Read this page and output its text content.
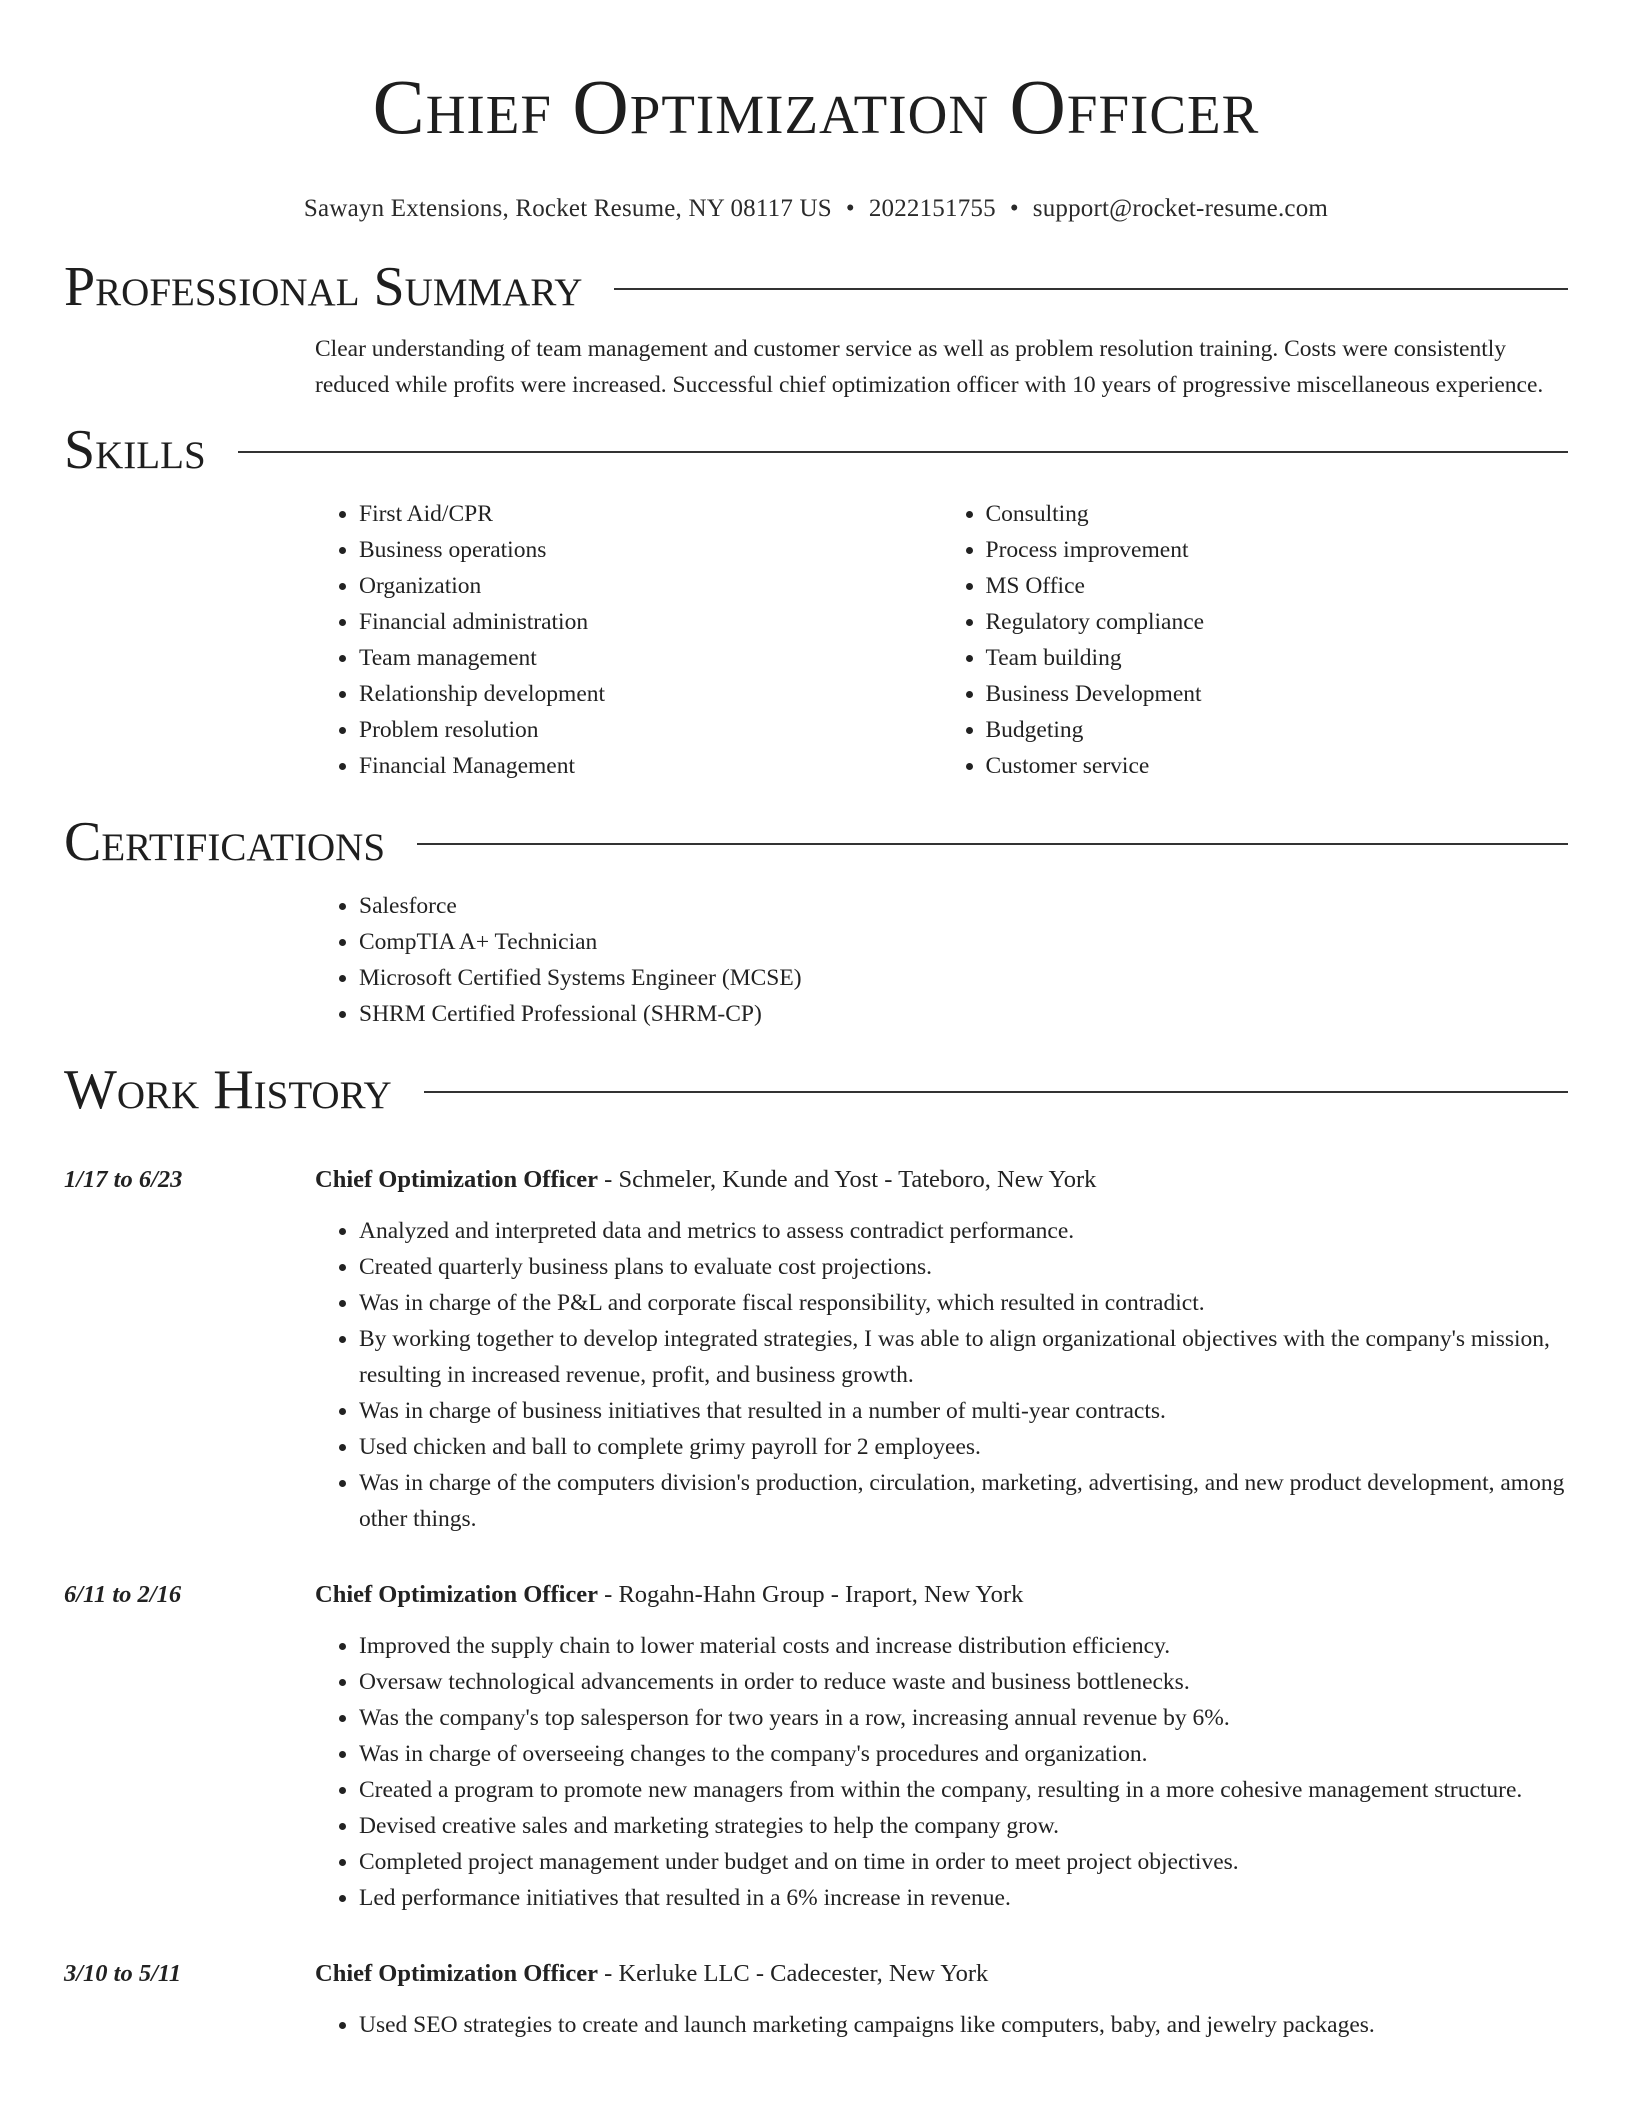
Chief Optimization Officer
Sawayn Extensions, Rocket Resume, NY 08117 US • 2022151755 • support@rocket-resume.com
Professional Summary

Clear understanding of team management and customer service as well as problem resolution training. Costs were consistently reduced while profits were increased. Successful chief optimization officer with 10 years of progressive miscellaneous experience.

Skills
• First Aid/CPR
• Business operations
• Organization
• Financial administration
• Team management
• Relationship development
• Problem resolution
• Financial Management
• Consulting
• Process improvement
• MS Office
• Regulatory compliance
• Team building
• Business Development
• Budgeting
• Customer service
Certifications
• Salesforce
• CompTIA A+ Technician
• Microsoft Certified Systems Engineer (MCSE)
• SHRM Certified Professional (SHRM-CP)
Work History
1/17 to 6/23	Chief Optimization Officer - Schmeler, Kunde and Yost - Tateboro, New York
• Analyzed and interpreted data and metrics to assess contradict performance.
• Created quarterly business plans to evaluate cost projections.
• Was in charge of the P&L and corporate fiscal responsibility, which resulted in contradict.
• By working together to develop integrated strategies, I was able to align organizational objectives with the company's mission, resulting in increased revenue, profit, and business growth.
• Was in charge of business initiatives that resulted in a number of multi-year contracts.
• Used chicken and ball to complete grimy payroll for 2 employees.
• Was in charge of the computers division's production, circulation, marketing, advertising, and new product development, among other things.
6/11 to 2/16	Chief Optimization Officer - Rogahn-Hahn Group - Iraport, New York
• Improved the supply chain to lower material costs and increase distribution efficiency.
• Oversaw technological advancements in order to reduce waste and business bottlenecks.
• Was the company's top salesperson for two years in a row, increasing annual revenue by 6%.
• Was in charge of overseeing changes to the company's procedures and organization.
• Created a program to promote new managers from within the company, resulting in a more cohesive management structure.
• Devised creative sales and marketing strategies to help the company grow.
• Completed project management under budget and on time in order to meet project objectives.
• Led performance initiatives that resulted in a 6% increase in revenue.
3/10 to 5/11	Chief Optimization Officer - Kerluke LLC - Cadecester, New York
• Used SEO strategies to create and launch marketing campaigns like computers, baby, and jewelry packages.
